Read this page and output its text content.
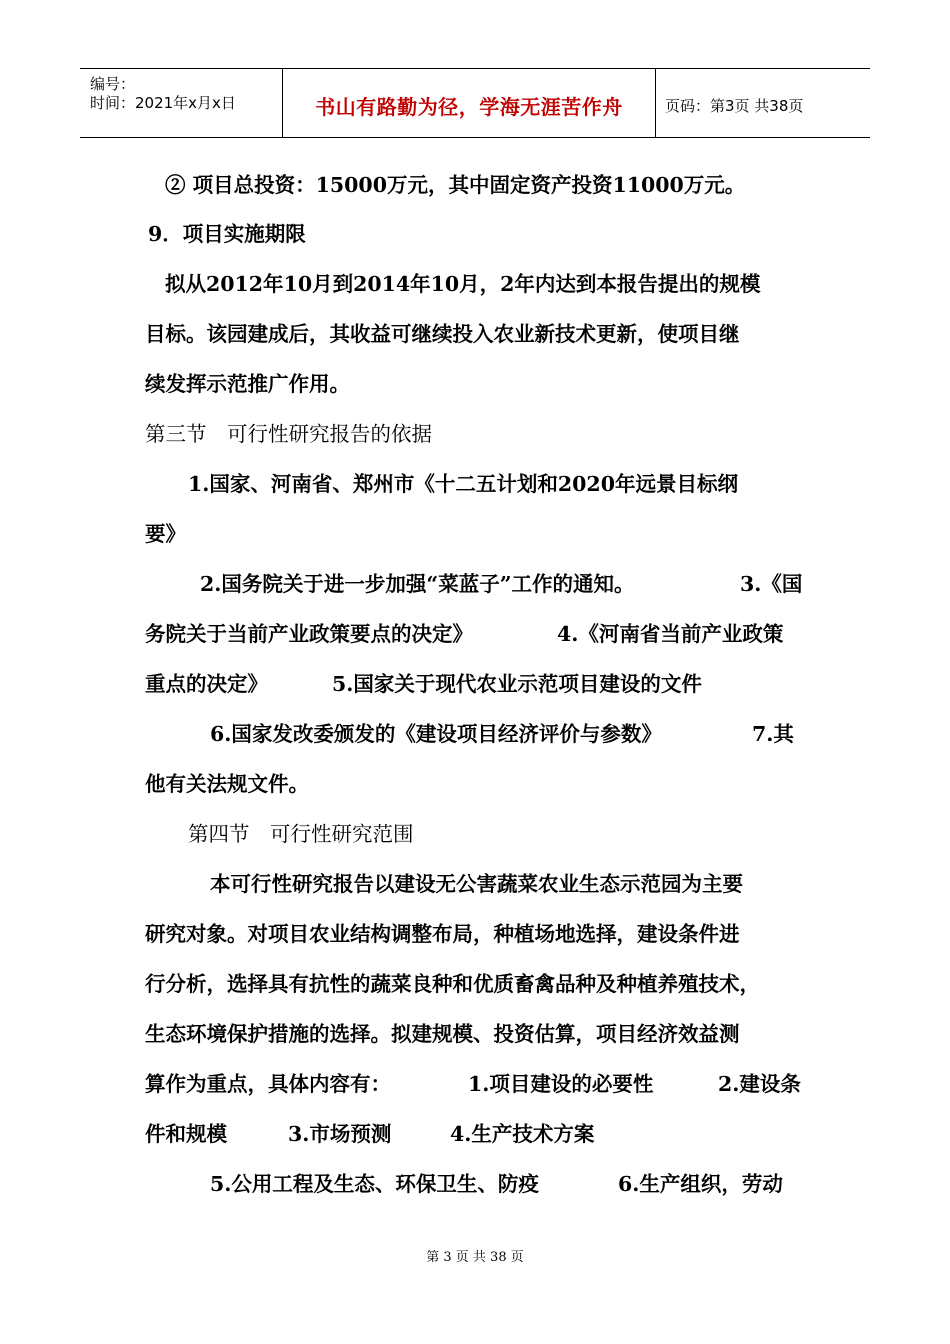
编号：
时间：2021年x月x日	书山有路勤为径，学海无涯苦作舟	页码：第3页 共38页
② 项目总投资：15000万元，其中固定资产投资11000万元。
9．项目实施期限
拟从2012年10月到2014年10月，2年内达到本报告提出的规模
目标。该园建成后，其收益可继续投入农业新技术更新，使项目继
续发挥示范推广作用。
第三节　可行性研究报告的依据
1.国家、河南省、郑州市《十二五计划和2020年远景目标纲
要》
2.国务院关于进一步加强“菜蓝子”工作的通知。	3.《国
务院关于当前产业政策要点的决定》	4.《河南省当前产业政策
重点的决定》	5.国家关于现代农业示范项目建设的文件
6.国家发改委颁发的《建设项目经济评价与参数》	7.其
他有关法规文件。
第四节　可行性研究范围
本可行性研究报告以建设无公害蔬菜农业生态示范园为主要
研究对象。对项目农业结构调整布局，种植场地选择，建设条件进
行分析，选择具有抗性的蔬菜良种和优质畜禽品种及种植养殖技术，
生态环境保护措施的选择。拟建规模、投资估算，项目经济效益测
算作为重点，具体内容有：	1.项目建设的必要性	2.建设条
件和规模	3.市场预测	4.生产技术方案
5.公用工程及生态、环保卫生、防疫	6.生产组织，劳动
第 3 页 共 38 页
